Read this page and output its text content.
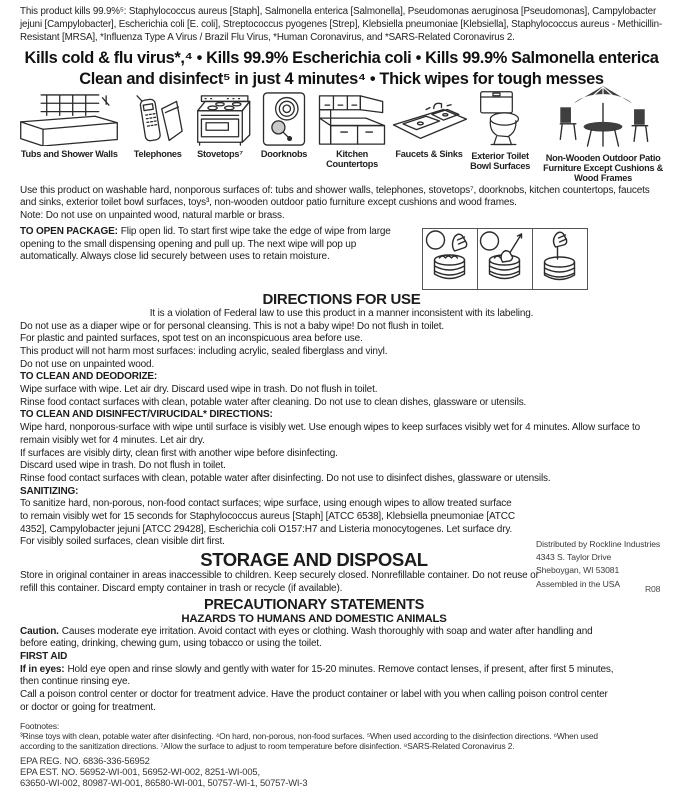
This product kills 99.9%⁵: Staphylococcus aureus [Staph], Salmonella enterica [Salmonella], Pseudomonas aeruginosa [Pseudomonas], Campylobacter jejuni [Campylobacter], Escherichia coli [E. coli], Streptococcus pyogenes [Strep], Klebsiella pneumoniae [Klebsiella], Staphylococcus aureus - Methicillin-Resistant [MRSA], *Influenza Type A Virus / Brazil Flu Virus, *Human Coronavirus, and *SARS-Related Coronavirus 2.

Kills cold & flu virus*,⁴ • Kills 99.9% Escherichia coli • Kills 99.9% Salmonella enterica
Clean and disinfect⁵ in just 4 minutes⁴ • Thick wipes for tough messes
Tubs and Shower Walls Telephones Stovetops⁷ Doorknobs	Kitchen Countertops
Faucets & Sinks Exterior Toilet Bowl Surfaces
Non-Wooden Outdoor Patio Furniture Except Cushions & Wood Frames

Use this product on washable hard, nonporous surfaces of: tubs and shower walls, telephones, stovetops⁷, doorknobs, kitchen countertops, faucets and sinks, exterior toilet bowl surfaces, toys³, non-wooden outdoor patio furniture except cushions and wood frames.
Note: Do not use on unpainted wood, natural marble or brass.

TO OPEN PACKAGE: Flip open lid. To start first wipe take the edge of wipe from large opening to the small dispensing opening and pull up. The next wipe will pop up automatically. Always close lid securely between uses to retain moisture.

DIRECTIONS FOR USE

It is a violation of Federal law to use this product in a manner inconsistent with its labeling.

Do not use as a diaper wipe or for personal cleansing. This is not a baby wipe! Do not flush in toilet.

For plastic and painted surfaces, spot test on an inconspicuous area before use.

This product will not harm most surfaces: including acrylic, sealed fiberglass and vinyl.

Do not use on unpainted wood.

TO CLEAN AND DEODORIZE:

Wipe surface with wipe. Let air dry. Discard used wipe in trash. Do not flush in toilet.

Rinse food contact surfaces with clean, potable water after cleaning. Do not use to clean dishes, glassware or utensils.

TO CLEAN AND DISINFECT/VIRUCIDAL* DIRECTIONS:

Wipe hard, nonporous-surface with wipe until surface is visibly wet. Use enough wipes to keep surfaces visibly wet for 4 minutes. Allow surface to remain visibly wet for 4 minutes. Let air dry.

If surfaces are visibly dirty, clean first with another wipe before disinfecting.

Discard used wipe in trash. Do not flush in toilet.

Rinse food contact surfaces with clean, potable water after disinfecting. Do not use to disinfect dishes, glassware or utensils.

SANITIZING:

To sanitize hard, non-porous, non-food contact surfaces; wipe surface, using enough wipes to allow treated surface to remain visibly wet for 15 seconds for Staphylococcus aureus [Staph] [ATCC 6538], Klebsiella pneumoniae [ATCC 4352], Campylobacter jejuni [ATCC 29428], Escherichia coli O157:H7 and Listeria monocytogenes. Let surface dry. For visibly soiled surfaces, clean visible dirt first.	Distributed by Rockline Industries
4343 S. Taylor Drive
Sheboygan, WI 53081
Assembled in the USA
R08
STORAGE AND DISPOSAL

Store in original container in areas inaccessible to children. Keep securely closed. Nonrefillable container. Do not reuse or refill this container. Discard empty container in trash or recycle (if available).

PRECAUTIONARY STATEMENTS
HAZARDS TO HUMANS AND DOMESTIC ANIMALS

Caution. Causes moderate eye irritation. Avoid contact with eyes or clothing. Wash thoroughly with soap and water after handling and before eating, drinking, chewing gum, using tobacco or using the toilet.

FIRST AID

If in eyes: Hold eye open and rinse slowly and gently with water for 15-20 minutes. Remove contact lenses, if present, after first 5 minutes, then continue rinsing eye.

Call a poison control center or doctor for treatment advice. Have the product container or label with you when calling poison control center or doctor or going for treatment.

Footnotes:
³Rinse toys with clean, potable water after disinfecting. ⁴On hard, non-porous, non-food surfaces. ⁵When used according to the disinfection directions. ⁶When used according to the sanitization directions. ⁷Allow the surface to adjust to room temperature before disinfection. ⁸SARS-Related Coronavirus 2.
EPA REG. NO. 6836-336-56952
EPA EST. NO. 56952-WI-001, 56952-WI-002, 8251-WI-005,
63650-WI-002, 80987-WI-001, 86580-WI-001, 50757-WI-1, 50757-WI-3
